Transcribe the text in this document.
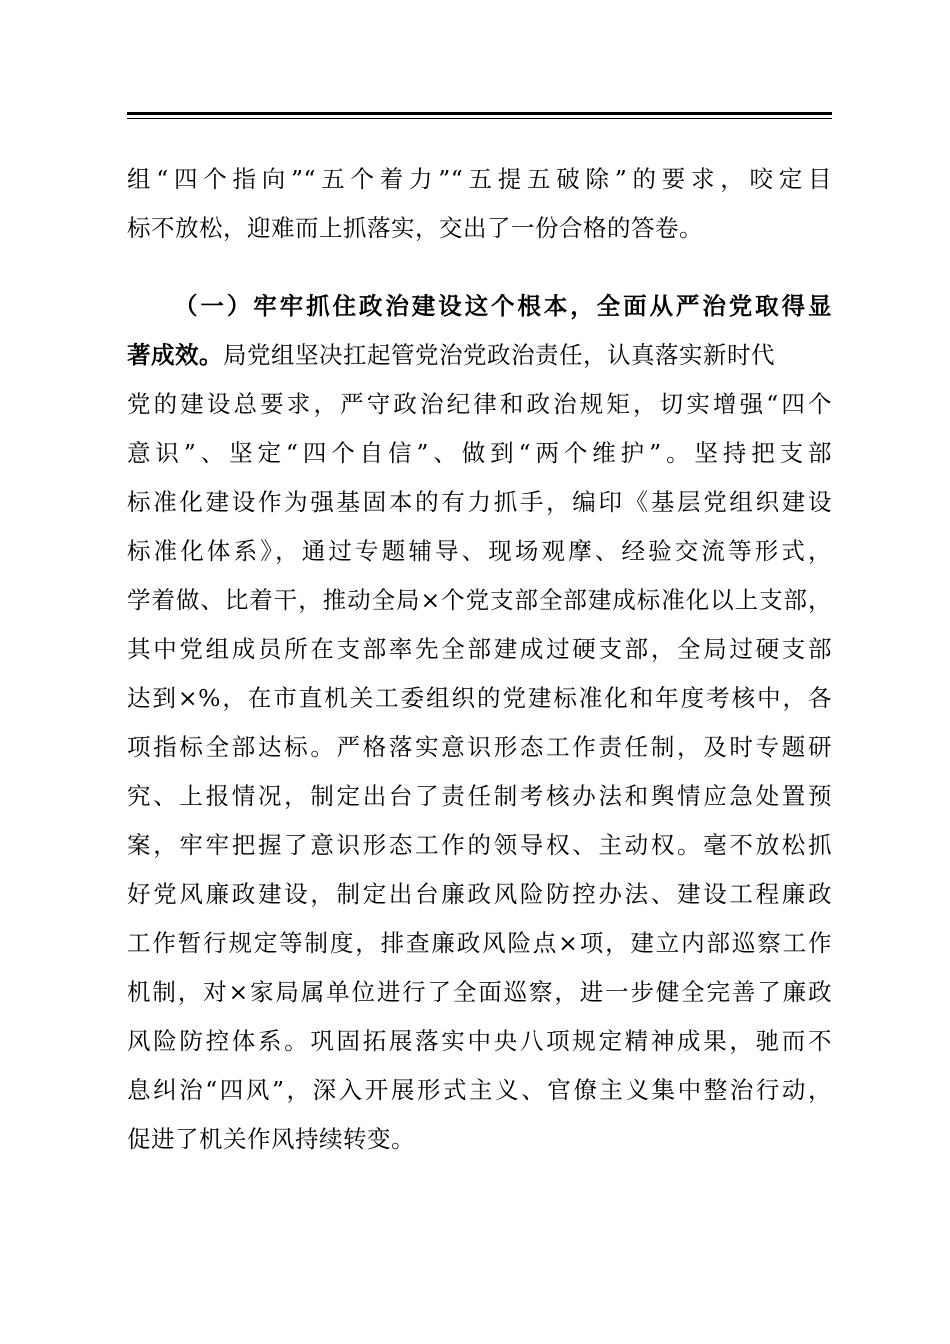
组“四个指向”“五个着力”“五提五破除”的要求，咬定目
标不放松，迎难而上抓落实，交出了一份合格的答卷。
（一）牢牢抓住政治建设这个根本，全面从严治党取得显
著成效。局党组坚决扛起管党治党政治责任，认真落实新时代
党的建设总要求，严守政治纪律和政治规矩，切实增强“四个
意识”、坚定“四个自信”、做到“两个维护”。坚持把支部
标准化建设作为强基固本的有力抓手，编印《基层党组织建设
标准化体系》，通过专题辅导、现场观摩、经验交流等形式，
学着做、比着干，推动全局×个党支部全部建成标准化以上支部，
其中党组成员所在支部率先全部建成过硬支部，全局过硬支部
达到×%，在市直机关工委组织的党建标准化和年度考核中，各
项指标全部达标。严格落实意识形态工作责任制，及时专题研
究、上报情况，制定出台了责任制考核办法和舆情应急处置预
案，牢牢把握了意识形态工作的领导权、主动权。毫不放松抓
好党风廉政建设，制定出台廉政风险防控办法、建设工程廉政
工作暂行规定等制度，排查廉政风险点×项，建立内部巡察工作
机制，对×家局属单位进行了全面巡察，进一步健全完善了廉政
风险防控体系。巩固拓展落实中央八项规定精神成果，驰而不
息纠治“四风”，深入开展形式主义、官僚主义集中整治行动，
促进了机关作风持续转变。
